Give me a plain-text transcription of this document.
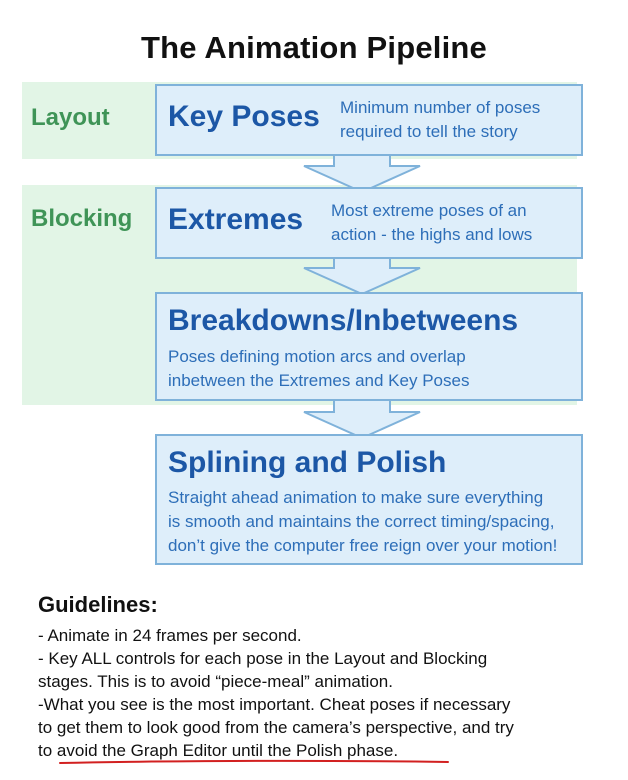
The Animation Pipeline
Layout
Blocking
Key Poses Minimum number of poses
required to tell the story
Extremes Most extreme poses of an
action - the highs and lows
Breakdowns/Inbetweens
Poses defining motion arcs and overlap
inbetween the Extremes and Key Poses
Splining and Polish
Straight ahead animation to make sure everything
is smooth and maintains the correct timing/spacing,
don’t give the computer free reign over your motion!
Guidelines:
- Animate in 24 frames per second.
- Key ALL controls for each pose in the Layout and Blocking
stages. This is to avoid “piece-meal” animation.
-What you see is the most important. Cheat poses if necessary
to get them to look good from the camera’s perspective, and try
to avoid the Graph Editor until the Polish phase.
